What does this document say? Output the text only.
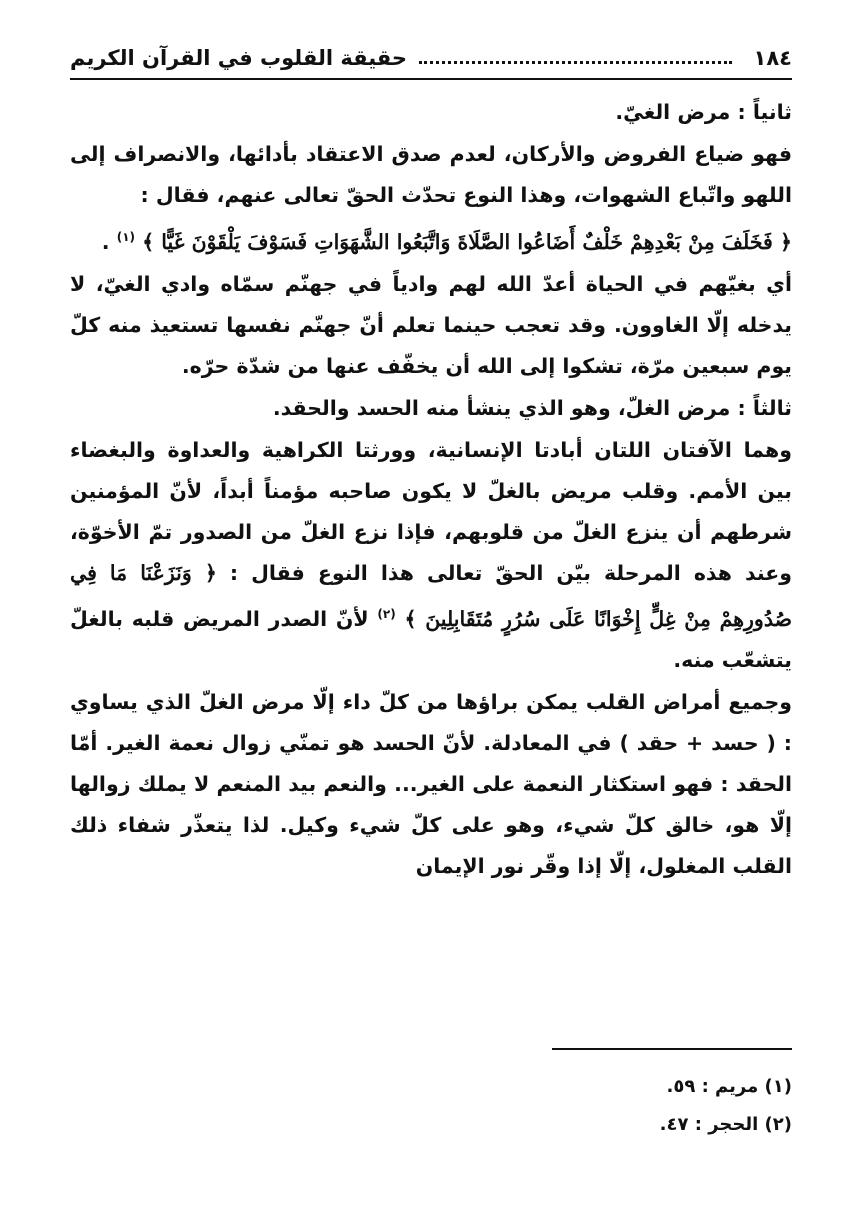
١٨٤
حقيقة القلوب في القرآن الكريم

ثانياً : مرض الغيّ.

فهو ضياع الفروض والأركان، لعدم صدق الاعتقاد بأدائها، والانصراف إلى اللهو واتّباع الشهوات، وهذا النوع تحدّث الحقّ تعالى عنهم، فقال :

﴿ فَخَلَفَ مِنْ بَعْدِهِمْ خَلْفٌ أَضَاعُوا الصَّلَاةَ وَاتَّبَعُوا الشَّهَوَاتِ فَسَوْفَ يَلْقَوْنَ غَيًّا ﴾ $^{(١)}$ .

أي بغيّهم في الحياة أعدّ الله لهم وادياً في جهنّم سمّاه وادي الغيّ، لا يدخله إلّا الغاوون. وقد تعجب حينما تعلم أنّ جهنّم نفسها تستعيذ منه كلّ يوم سبعين مرّة، تشكوا إلى الله أن يخفّف عنها من شدّة حرّه.

ثالثاً : مرض الغلّ، وهو الذي ينشأ منه الحسد والحقد.

وهما الآفتان اللتان أبادتا الإنسانية، وورثتا الكراهية والعداوة والبغضاء بين الأمم. وقلب مريض بالغلّ لا يكون صاحبه مؤمناً أبداً، لأنّ المؤمنين شرطهم أن ينزع الغلّ من قلوبهم، فإذا نزع الغلّ من الصدور تمّ الأخوّة، وعند هذه المرحلة بيّن الحقّ تعالى هذا النوع فقال : ﴿ وَنَزَعْنَا مَا فِي صُدُورِهِمْ مِنْ غِلٍّ إِخْوَانًا عَلَى سُرُرٍ مُتَقَابِلِينَ ﴾ $^{(٢)}$ لأنّ الصدر المريض قلبه بالغلّ يتشعّب منه.

وجميع أمراض القلب يمكن براؤها من كلّ داء إلّا مرض الغلّ الذي يساوي : ( حسد + حقد ) في المعادلة. لأنّ الحسد هو تمنّي زوال نعمة الغير. أمّا الحقد : فهو استكثار النعمة على الغير... والنعم بيد المنعم لا يملك زوالها إلّا هو، خالق كلّ شيء، وهو على كلّ شيء وكيل. لذا يتعذّر شفاء ذلك القلب المغلول، إلّا إذا وقّر نور الإيمان

(١) مريم : ٥٩.
(٢) الحجر : ٤٧.
